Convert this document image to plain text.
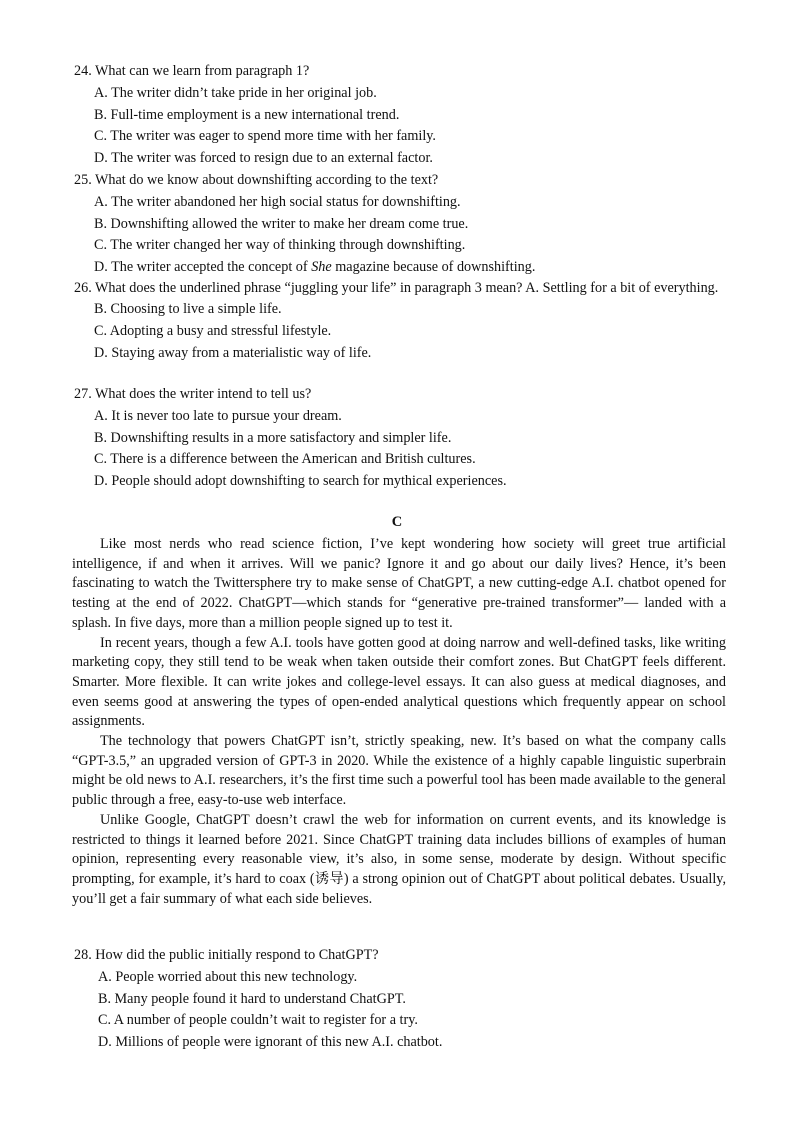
24. What can we learn from paragraph 1?
A. The writer didn’t take pride in her original job.
B. Full-time employment is a new international trend.
C. The writer was eager to spend more time with her family.
D. The writer was forced to resign due to an external factor.
25. What do we know about downshifting according to the text?
A. The writer abandoned her high social status for downshifting.
B. Downshifting allowed the writer to make her dream come true.
C. The writer changed her way of thinking through downshifting.
D. The writer accepted the concept of She magazine because of downshifting.
26. What does the underlined phrase “juggling your life” in paragraph 3 mean? A. Settling for a bit of everything.
B. Choosing to live a simple life.
C. Adopting a busy and stressful lifestyle.
D. Staying away from a materialistic way of life.
27. What does the writer intend to tell us?
A. It is never too late to pursue your dream.
B. Downshifting results in a more satisfactory and simpler life.
C. There is a difference between the American and British cultures.
D. People should adopt downshifting to search for mythical experiences.
C

Like most nerds who read science fiction, I’ve kept wondering how society will greet true artificial intelligence, if and when it arrives. Will we panic? Ignore it and go about our daily lives? Hence, it’s been fascinating to watch the Twittersphere try to make sense of ChatGPT, a new cutting-edge A.I. chatbot opened for testing at the end of 2022. ChatGPT—which stands for “generative pre-trained transformer”— landed with a splash. In five days, more than a million people signed up to test it.

In recent years, though a few A.I. tools have gotten good at doing narrow and well-defined tasks, like writing marketing copy, they still tend to be weak when taken outside their comfort zones. But ChatGPT feels different. Smarter. More flexible. It can write jokes and college-level essays. It can also guess at medical diagnoses, and even seems good at answering the types of open-ended analytical questions which frequently appear on school assignments.

The technology that powers ChatGPT isn’t, strictly speaking, new. It’s based on what the company calls “GPT-3.5,” an upgraded version of GPT-3 in 2020. While the existence of a highly capable linguistic superbrain might be old news to A.I. researchers, it’s the first time such a powerful tool has been made available to the general public through a free, easy-to-use web interface.

Unlike Google, ChatGPT doesn’t crawl the web for information on current events, and its knowledge is restricted to things it learned before 2021. Since ChatGPT training data includes billions of examples of human opinion, representing every reasonable view, it’s also, in some sense, moderate by design. Without specific prompting, for example, it’s hard to coax (诱导) a strong opinion out of ChatGPT about political debates. Usually, you’ll get a fair summary of what each side believes.

28. How did the public initially respond to ChatGPT?
A. People worried about this new technology.
B. Many people found it hard to understand ChatGPT.
C. A number of people couldn’t wait to register for a try.
D. Millions of people were ignorant of this new A.I. chatbot.
